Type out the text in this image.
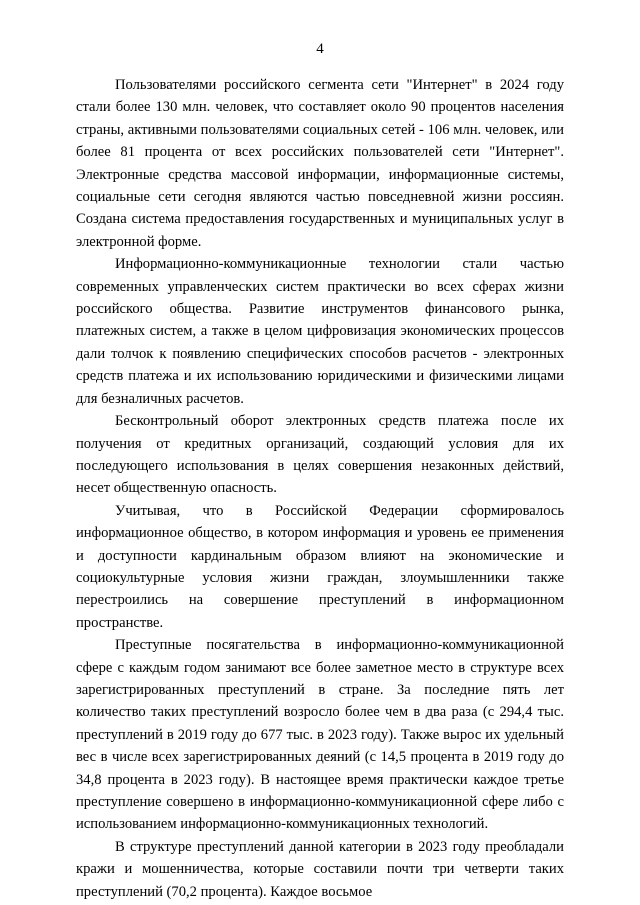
4

Пользователями российского сегмента сети "Интернет" в 2024 году стали более 130 млн. человек, что составляет около 90 процентов населения страны, активными пользователями социальных сетей - 106 млн. человек, или более 81 процента от всех российских пользователей сети "Интернет". Электронные средства массовой информации, информационные системы, социальные сети сегодня являются частью повседневной жизни россиян. Создана система предоставления государственных и муниципальных услуг в электронной форме.

Информационно-коммуникационные технологии стали частью современных управленческих систем практически во всех сферах жизни российского общества. Развитие инструментов финансового рынка, платежных систем, а также в целом цифровизация экономических процессов дали толчок к появлению специфических способов расчетов - электронных средств платежа и их использованию юридическими и физическими лицами для безналичных расчетов.

Бесконтрольный оборот электронных средств платежа после их получения от кредитных организаций, создающий условия для их последующего использования в целях совершения незаконных действий, несет общественную опасность.

Учитывая, что в Российской Федерации сформировалось информационное общество, в котором информация и уровень ее применения и доступности кардинальным образом влияют на экономические и социокультурные условия жизни граждан, злоумышленники также перестроились на совершение преступлений в информационном пространстве.

Преступные посягательства в информационно-коммуникационной сфере с каждым годом занимают все более заметное место в структуре всех зарегистрированных преступлений в стране. За последние пять лет количество таких преступлений возросло более чем в два раза (с 294,4 тыс. преступлений в 2019 году до 677 тыс. в 2023 году). Также вырос их удельный вес в числе всех зарегистрированных деяний (с 14,5 процента в 2019 году до 34,8 процента в 2023 году). В настоящее время практически каждое третье преступление совершено в информационно-коммуникационной сфере либо с использованием информационно-коммуникационных технологий.

В структуре преступлений данной категории в 2023 году преобладали кражи и мошенничества, которые составили почти три четверти таких преступлений (70,2 процента). Каждое восьмое
